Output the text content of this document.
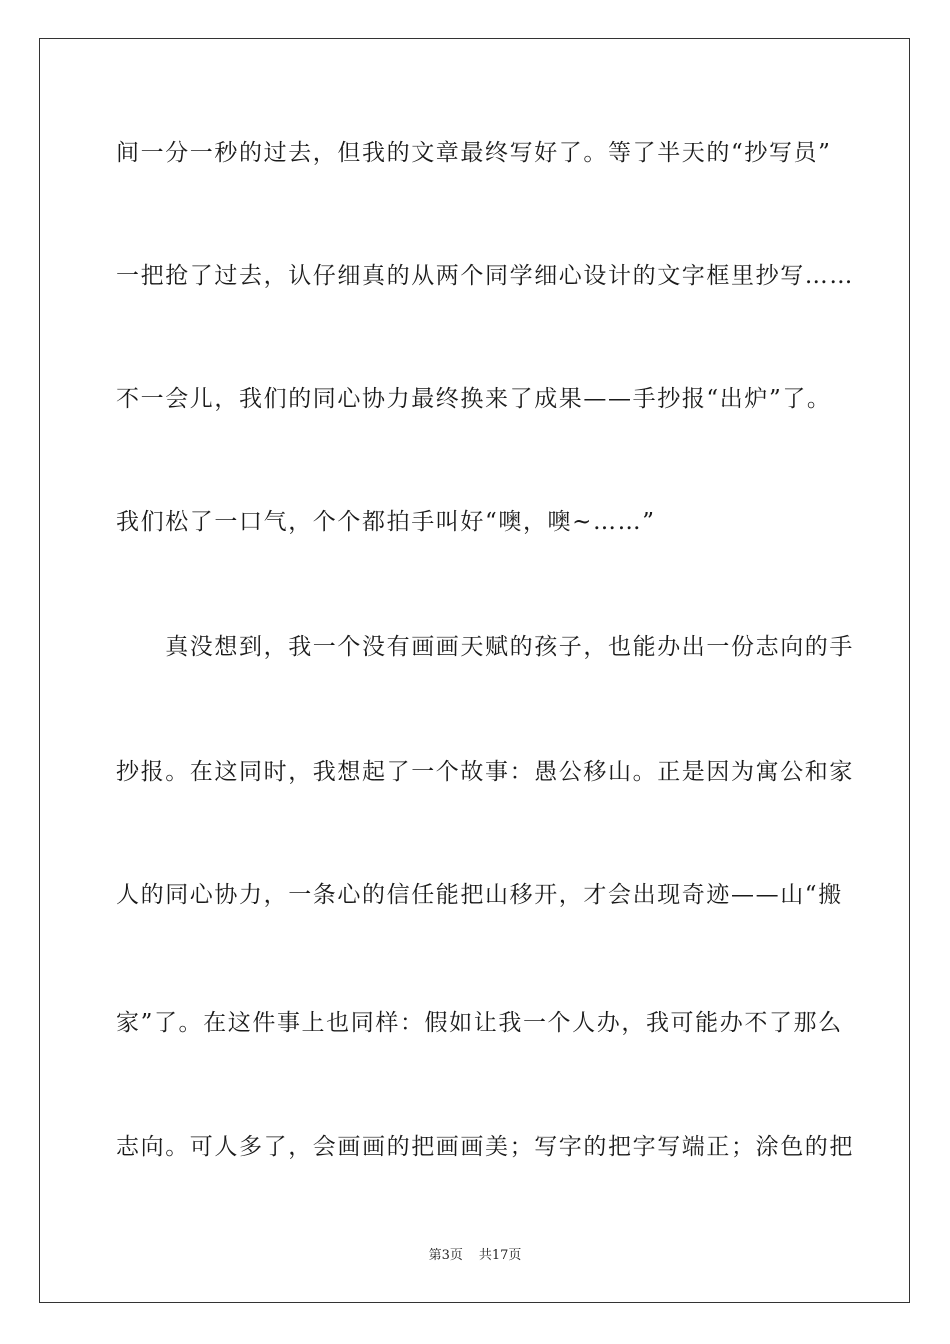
间一分一秒的过去，但我的文章最终写好了。等了半天的“抄写员”
一把抢了过去，认仔细真的从两个同学细心设计的文字框里抄写……
不一会儿，我们的同心协力最终换来了成果——手抄报“出炉”了。
我们松了一口气，个个都拍手叫好“噢，噢~……”
　　真没想到，我一个没有画画天赋的孩子，也能办出一份志向的手
抄报。在这同时，我想起了一个故事：愚公移山。正是因为寓公和家
人的同心协力，一条心的信任能把山移开，才会出现奇迹——山“搬
家”了。在这件事上也同样：假如让我一个人办，我可能办不了那么
志向。可人多了，会画画的把画画美；写字的把字写端正；涂色的把
第3页 共17页
